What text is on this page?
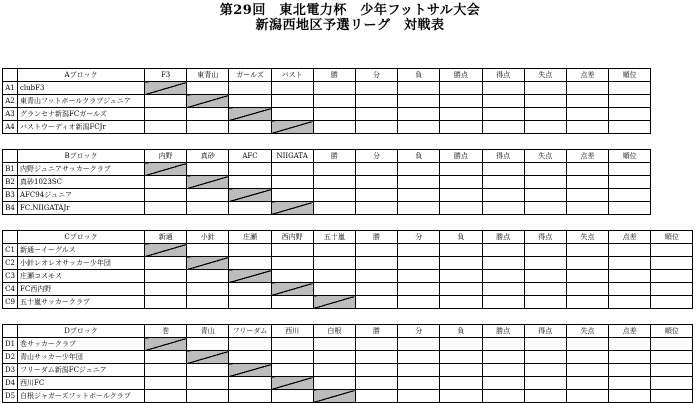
第29回　東北電力杯　少年フットサル大会
新潟西地区予選リーグ　対戦表
	Aブロック	F3	東青山	ガールズ	バスト	勝	分	負	勝点	得点	失点	点差	順位
A1	clubF3												
A2	東青山フットボールクラブジュニア												
A3	グランセナ新潟FCガールズ												
A4	バストウーディオ新潟FCJr												
	Bブロック	内野	真砂	AFC	NIIGATA	勝	分	負	勝点	得点	失点	点差	順位
B1	内野ジュニアサッカークラブ												
B2	真砂1023SC												
B3	AFC94ジュニア												
B4	FC.NIIGATAJr												
	Cブロック	新通	小針	庄瀬	西内野	五十嵐	勝	分	負	勝点	得点	失点	点差	順位
C1	新通ーイーグルス													
C2	小針レオレオサッカー少年団													
C3	庄瀬コスモス													
C4	FC西内野													
C9	五十嵐サッカークラブ													
	Dブロック	巻	青山	フリーダム	西川	白根	勝	分	負	勝点	得点	失点	点差	順位
D1	巻サッカークラブ													
D2	青山サッカー少年団													
D3	フリーダム新潟FCジュニア													
D4	西川FC													
D5	白根ジャガーズフットボールクラブ													
